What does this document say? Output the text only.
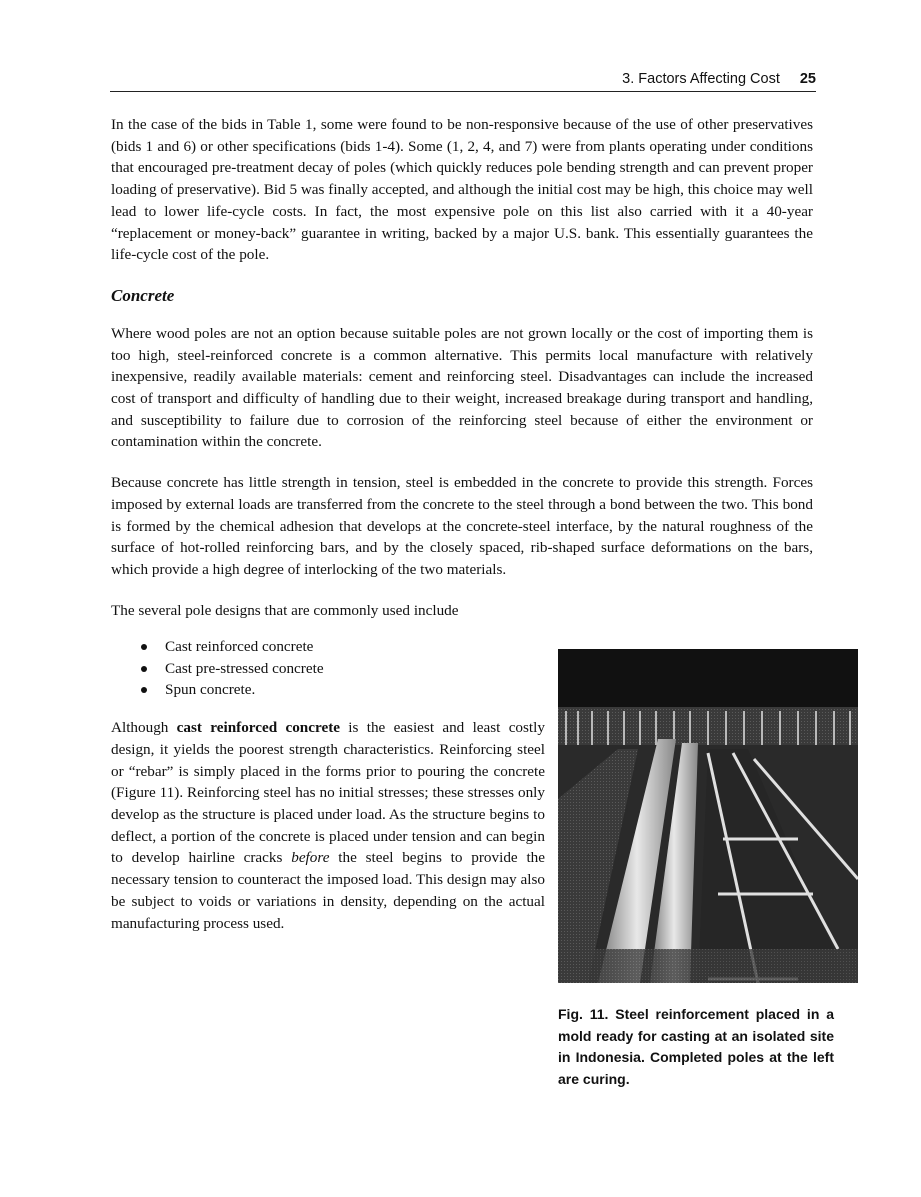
3. Factors Affecting Cost 25

In the case of the bids in Table 1, some were found to be non-responsive because of the use of other preservatives (bids 1 and 6) or other specifications (bids 1-4). Some (1, 2, 4, and 7) were from plants operating under conditions that encouraged pre-treatment decay of poles (which quickly reduces pole bending strength and can prevent proper loading of preservative). Bid 5 was finally accepted, and although the initial cost may be high, this choice may well lead to lower life-cycle costs. In fact, the most expensive pole on this list also carried with it a 40-year “replacement or money-back” guarantee in writing, backed by a major U.S. bank. This essentially guarantees the life-cycle cost of the pole.

Concrete

Where wood poles are not an option because suitable poles are not grown locally or the cost of importing them is too high, steel-reinforced concrete is a common alternative. This permits local manufacture with relatively inexpensive, readily available materials: cement and reinforcing steel. Disadvantages can include the increased cost of transport and difficulty of handling due to their weight, increased breakage during transport and handling, and susceptibility to failure due to corrosion of the reinforcing steel because of either the environment or contamination within the concrete.

Because concrete has little strength in tension, steel is embedded in the concrete to provide this strength. Forces imposed by external loads are transferred from the concrete to the steel through a bond between the two. This bond is formed by the chemical adhesion that develops at the concrete-steel interface, by the natural roughness of the surface of hot-rolled reinforcing bars, and by the closely spaced, rib-shaped surface deformations on the bars, which provide a high degree of interlocking of the two materials.

The several pole designs that are commonly used include

Cast reinforced concrete
Cast pre-stressed concrete
Spun concrete.

Although cast reinforced concrete is the easiest and least costly design, it yields the poorest strength characteristics. Reinforcing steel or “rebar” is simply placed in the forms prior to pouring the concrete (Figure 11). Reinforcing steel has no initial stresses; these stresses only develop as the structure is placed under load. As the structure begins to deflect, a portion of the concrete is placed under tension and can begin to develop hairline cracks before the steel begins to provide the necessary tension to counteract the imposed load. This design may also be subject to voids or variations in density, depending on the actual manufacturing process used.

Fig. 11. Steel reinforcement placed in a mold ready for casting at an isolated site in Indonesia. Completed poles at the left are curing.
